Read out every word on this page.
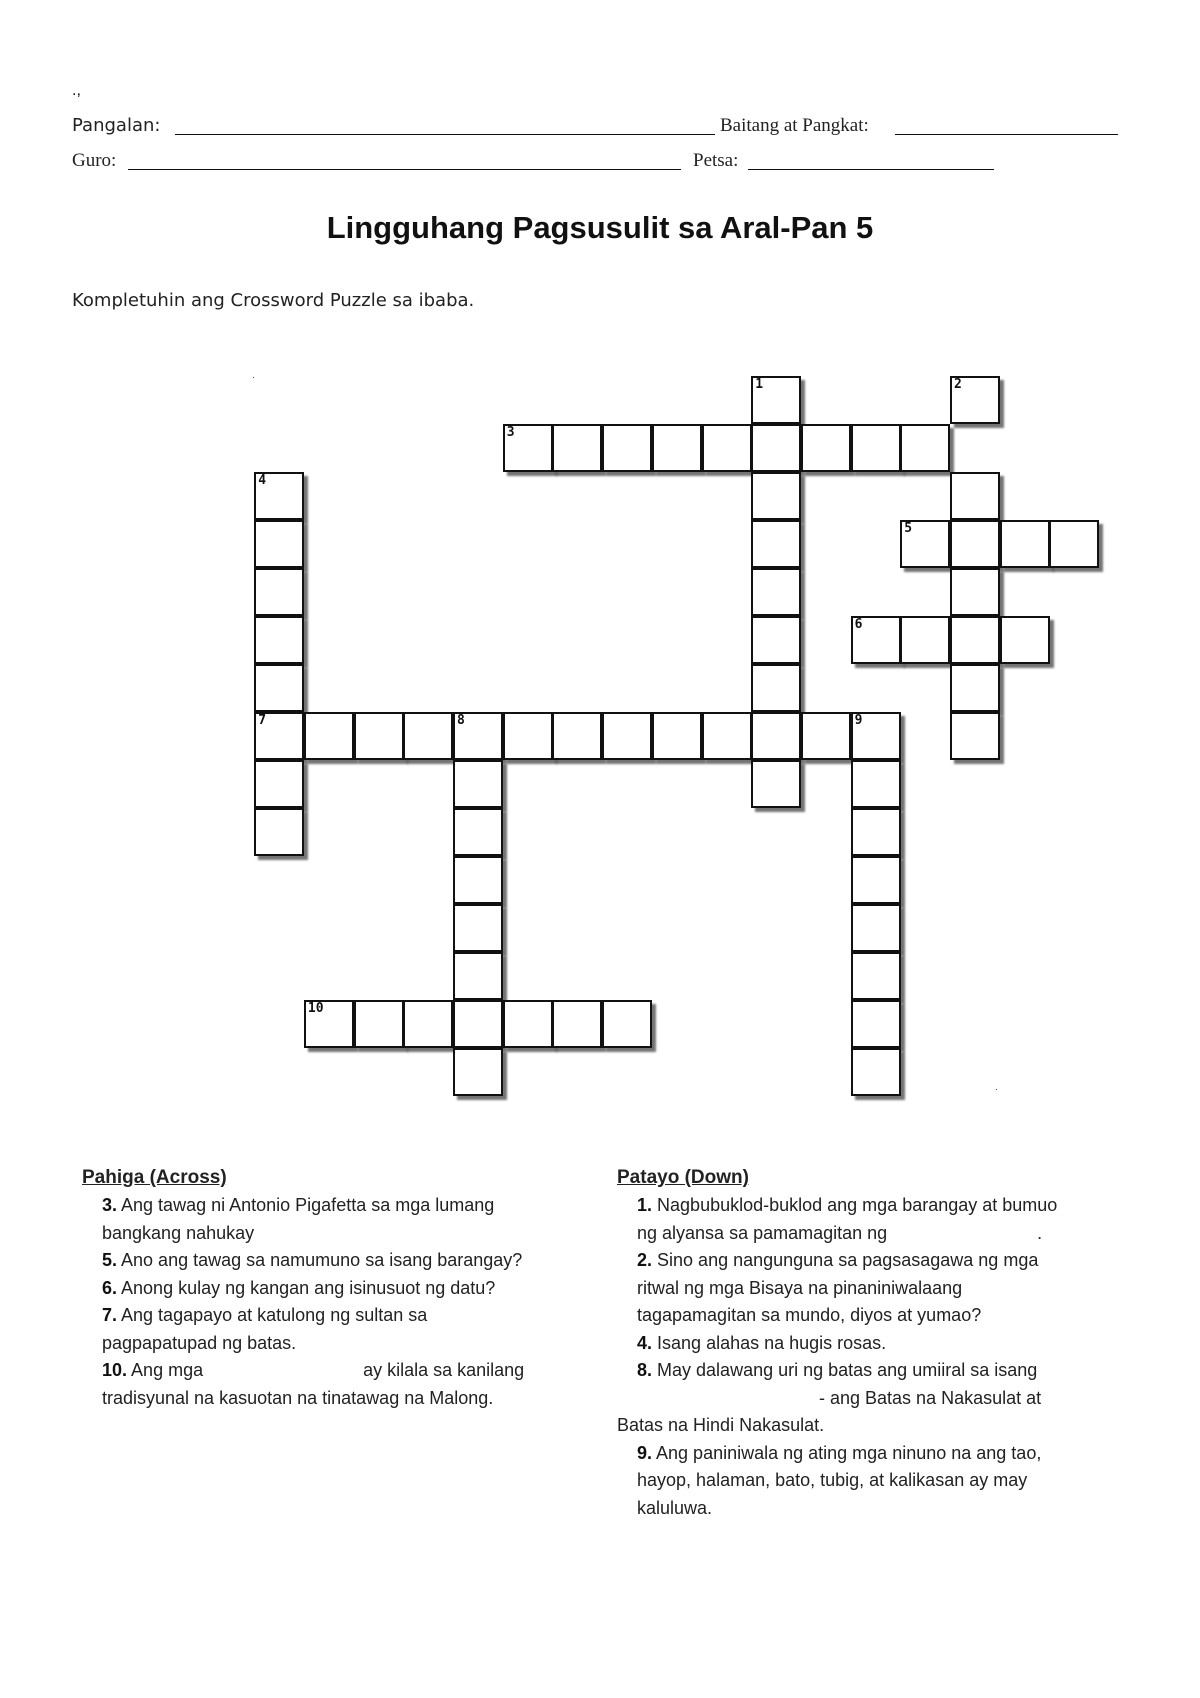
.,
Pangalan:	Baitang at Pangkat:
Guro:	Petsa:
Lingguhang Pagsusulit sa Aral-Pan 5
Kompletuhin ang Crossword Puzzle sa ibaba.
1	2
3
4
5
6
7	8	9
10
.
.
Pahiga (Across)

3. Ang tawag ni Antonio Pigafetta sa mga lumang
bangkang nahukay

5. Ano ang tawag sa namumuno sa isang barangay?

6. Anong kulay ng kangan ang isinusuot ng datu?

7. Ang tagapayo at katulong ng sultan sa
pagpapatupad ng batas.

10. Ang mga	ay kilala sa kanilang
tradisyunal na kasuotan na tinatawag na Malong.

Patayo (Down)

1. Nagbubuklod-buklod ang mga barangay at bumuo
ng alyansa sa pamamagitan ng	.

2. Sino ang nangunguna sa pagsasagawa ng mga
ritwal ng mga Bisaya na pinaniniwalaang
tagapamagitan sa mundo, diyos at yumao?

4. Isang alahas na hugis rosas.

8. May dalawang uri ng batas ang umiiral sa isang
- ang Batas na Nakasulat at

Batas na Hindi Nakasulat.

9. Ang paniniwala ng ating mga ninuno na ang tao,
hayop, halaman, bato, tubig, at kalikasan ay may
kaluluwa.
